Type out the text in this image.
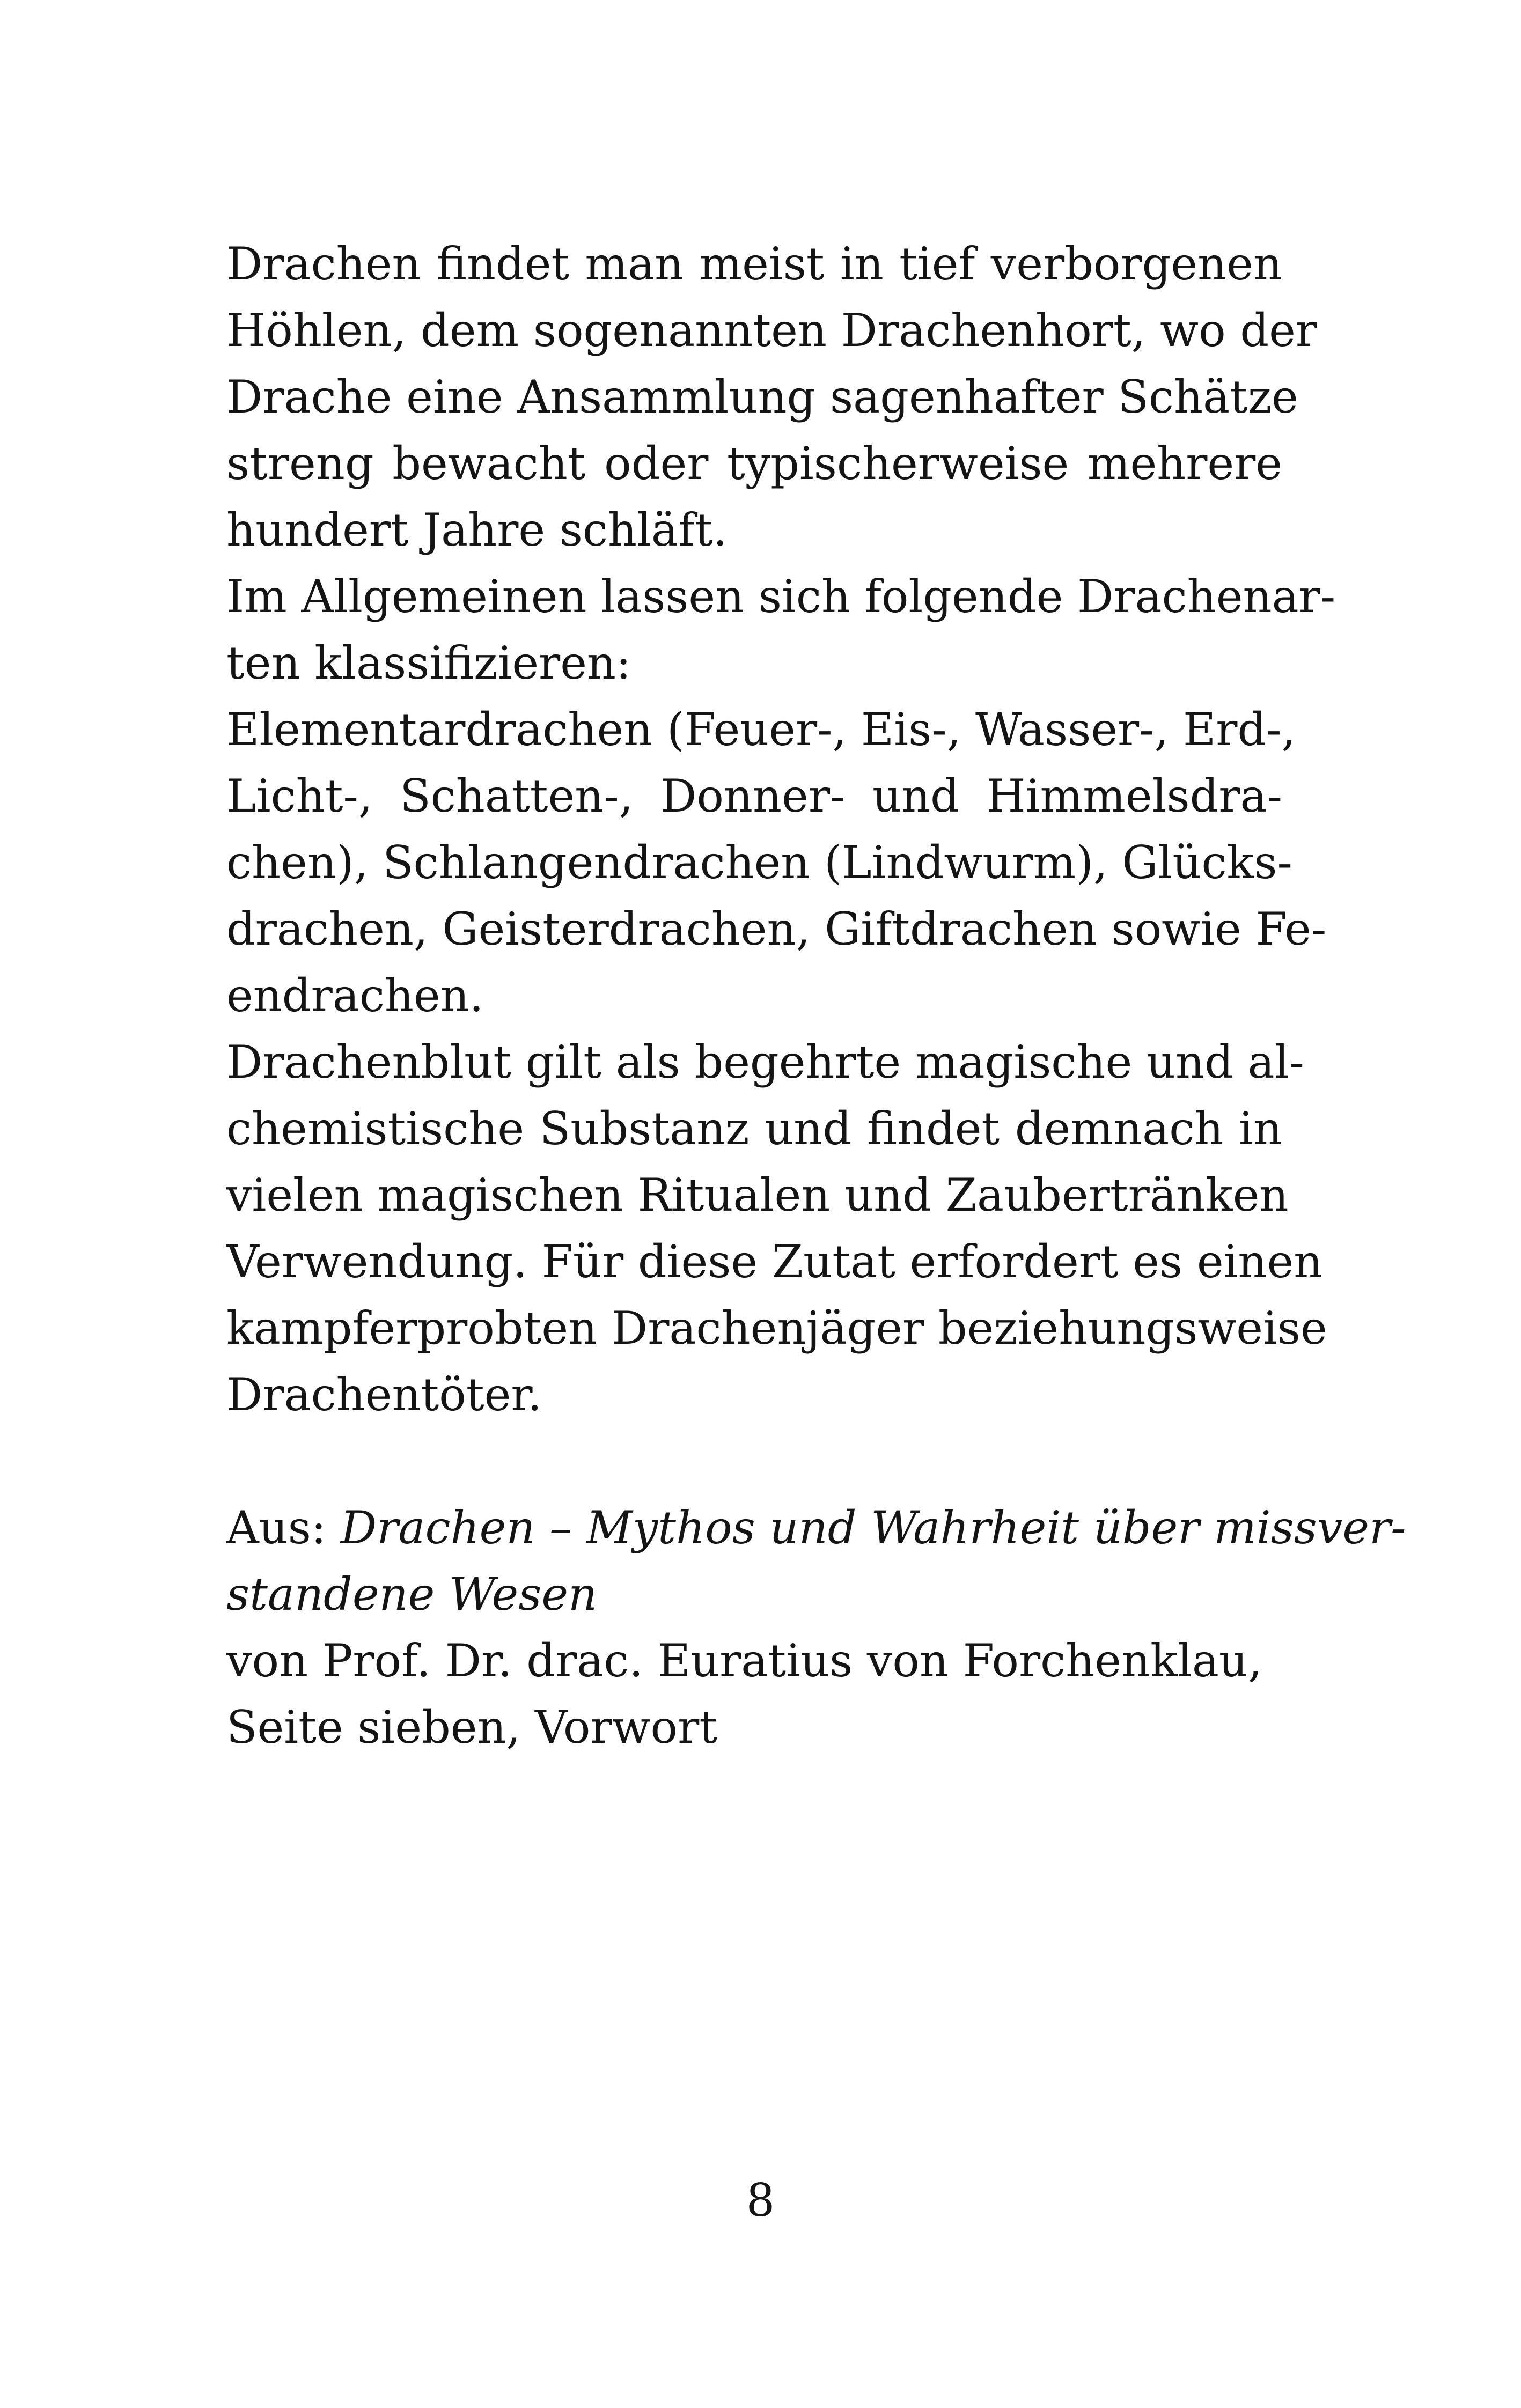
Drachen findet man meist in tief verborgenen
Höhlen, dem sogenannten Drachenhort, wo der
Drache eine Ansammlung sagenhafter Schätze
streng bewacht oder typischerweise mehrere
hundert Jahre schläft.
Im Allgemeinen lassen sich folgende Drachenar-
ten klassifizieren:
Elementardrachen (Feuer-, Eis-, Wasser-, Erd-,
Licht-, Schatten-, Donner- und Himmelsdra-
chen), Schlangendrachen (Lindwurm), Glücks-
drachen, Geisterdrachen, Giftdrachen sowie Fe-
endrachen.
Drachenblut gilt als begehrte magische und al-
chemistische Substanz und findet demnach in
vielen magischen Ritualen und Zaubertränken
Verwendung. Für diese Zutat erfordert es einen
kampferprobten Drachenjäger beziehungsweise
Drachentöter.
Aus: Drachen – Mythos und Wahrheit über missver-
standene Wesen
von Prof. Dr. drac. Euratius von Forchenklau,
Seite sieben, Vorwort
8
